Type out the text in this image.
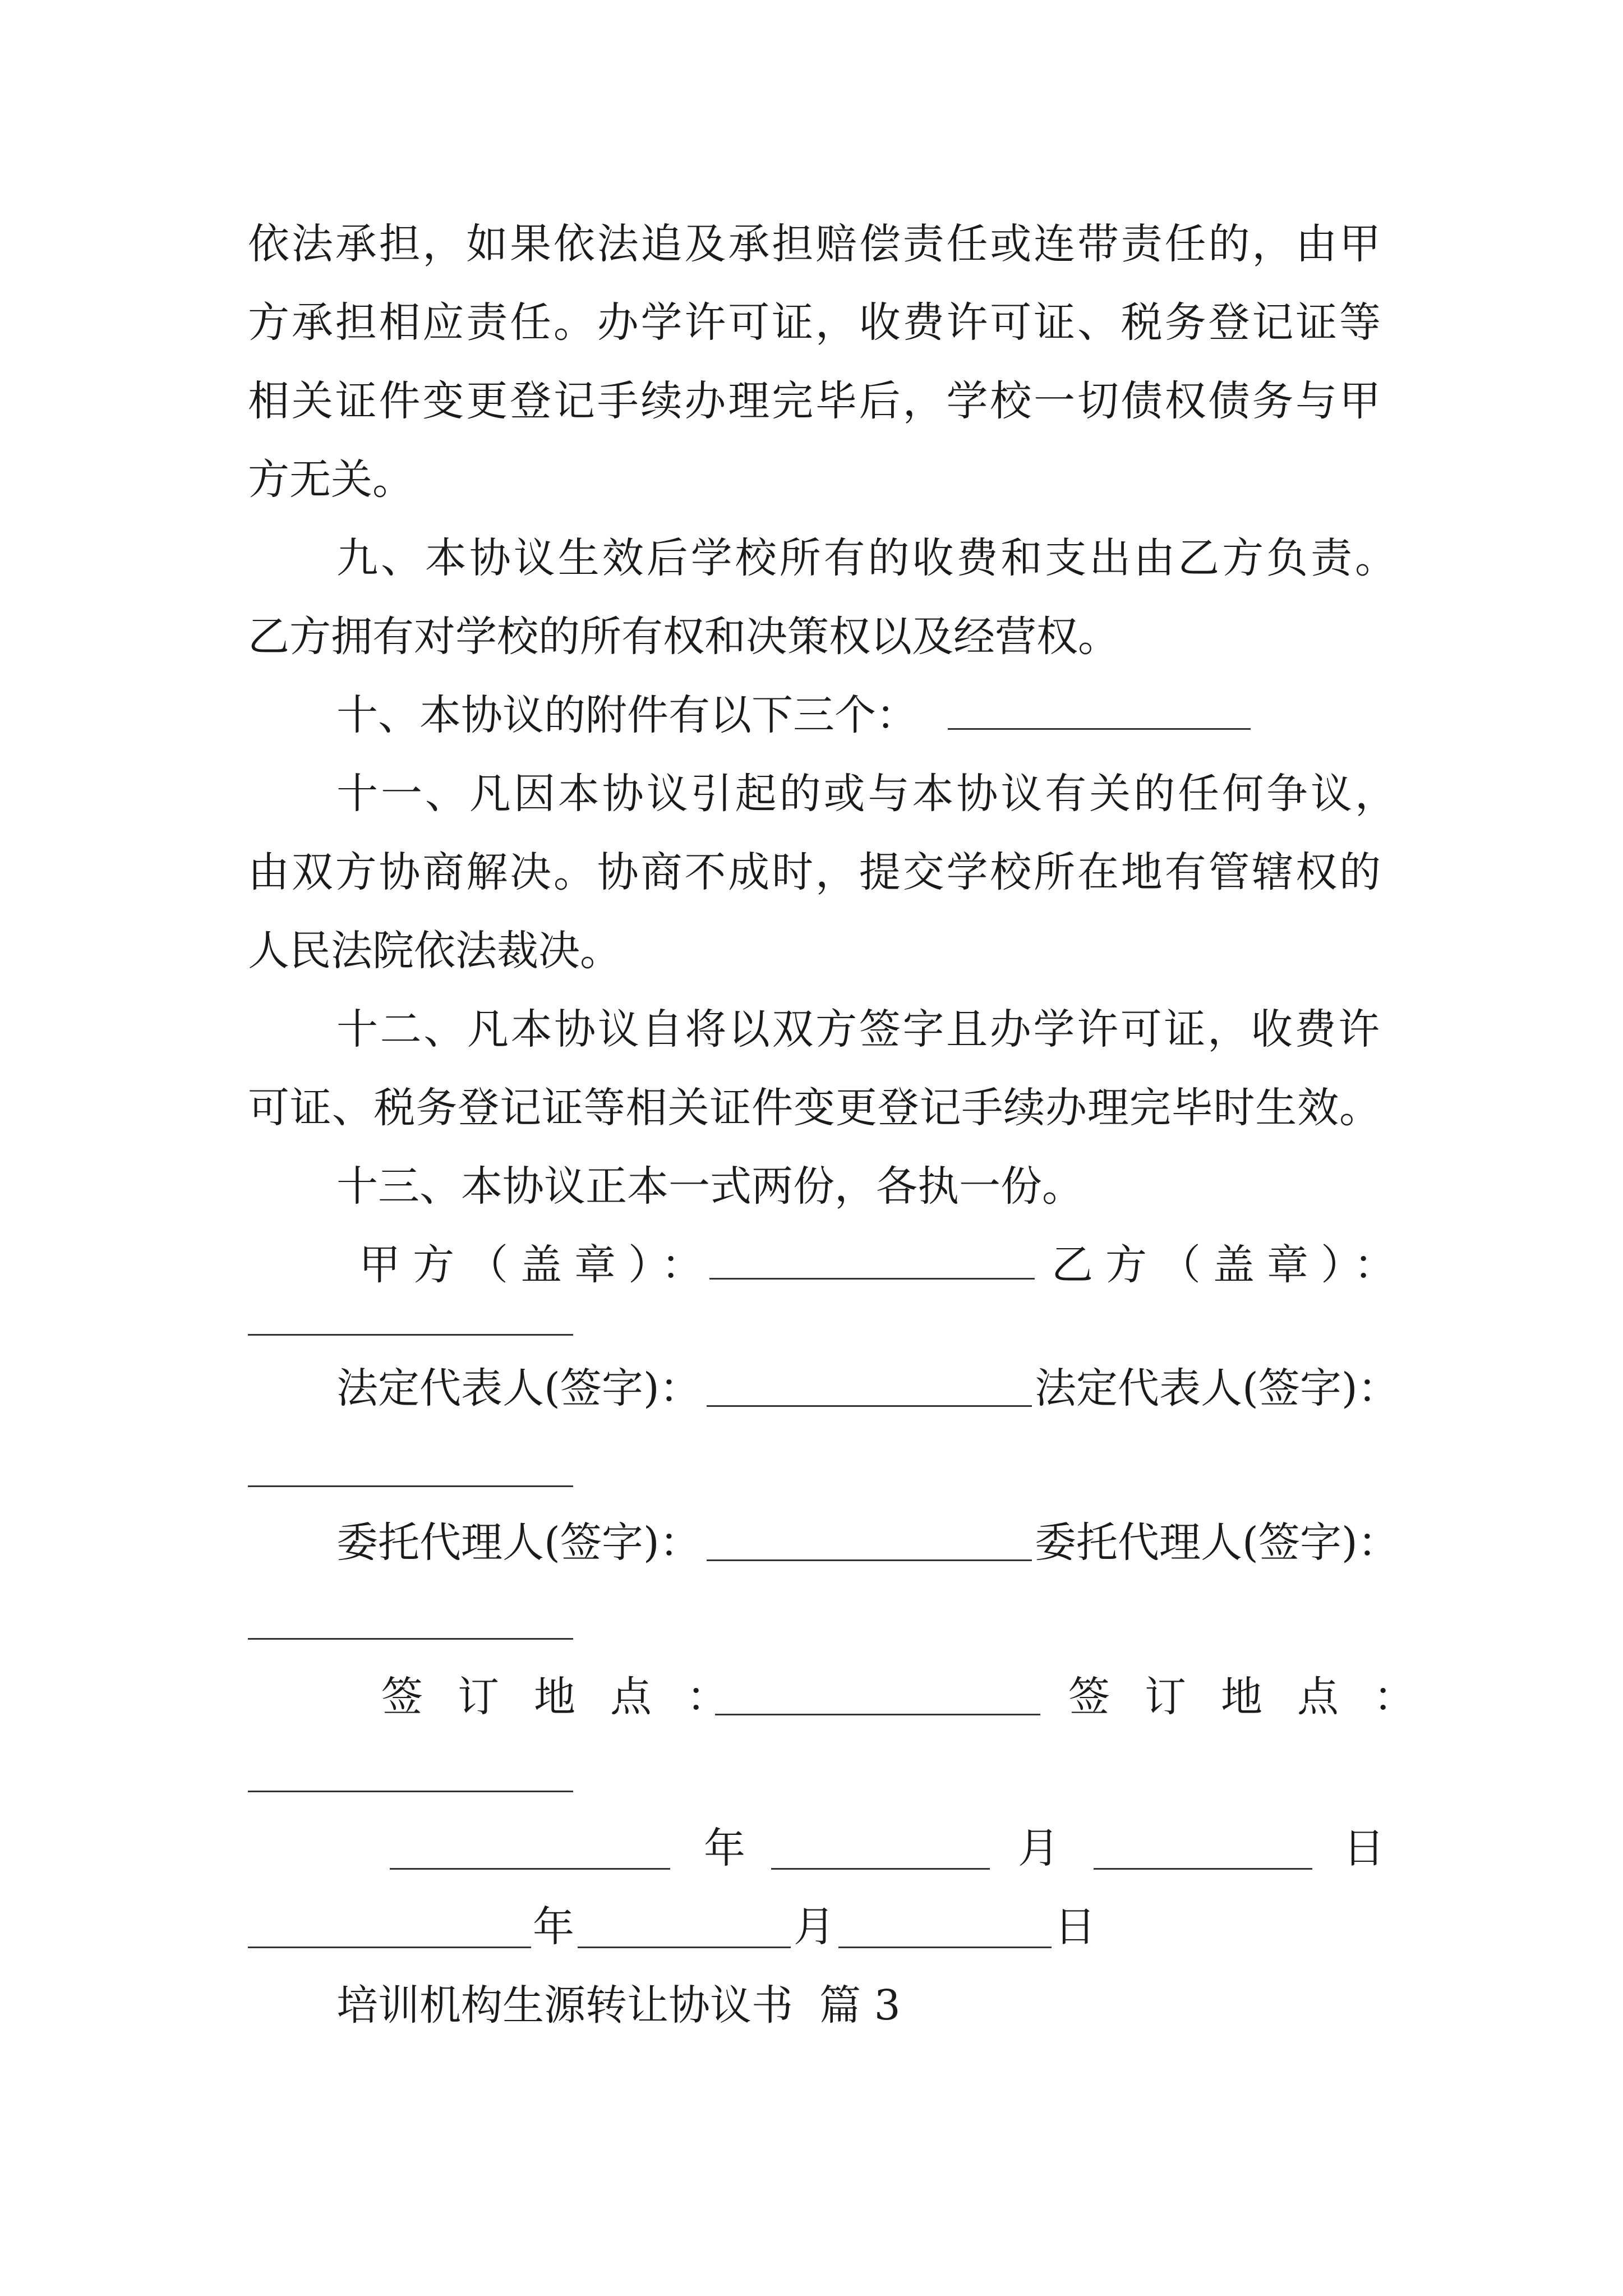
依法承担，如果依法追及承担赔偿责任或连带责任的，由甲
方承担相应责任。办学许可证，收费许可证、税务登记证等
相关证件变更登记手续办理完毕后，学校一切债权债务与甲
方无关。
九、本协议生效后学校所有的收费和支出由乙方负责。
乙方拥有对学校的所有权和决策权以及经营权。
十、本协议的附件有以下三个：
十一、凡因本协议引起的或与本协议有关的任何争议，
由双方协商解决。协商不成时，提交学校所在地有管辖权的
人民法院依法裁决。
十二、凡本协议自将以双方签字且办学许可证，收费许
可证、税务登记证等相关证件变更登记手续办理完毕时生效。
十三、本协议正本一式两份，各执一份。
甲方（盖章）：	乙方（盖章）：
法定代表人(签字)：	法定代表人(签字)：
委托代理人(签字)：	委托代理人(签字)：
签订地点：	签订地点：
年	月	日
年	月	日
培训机构生源转让协议书  篇 3
